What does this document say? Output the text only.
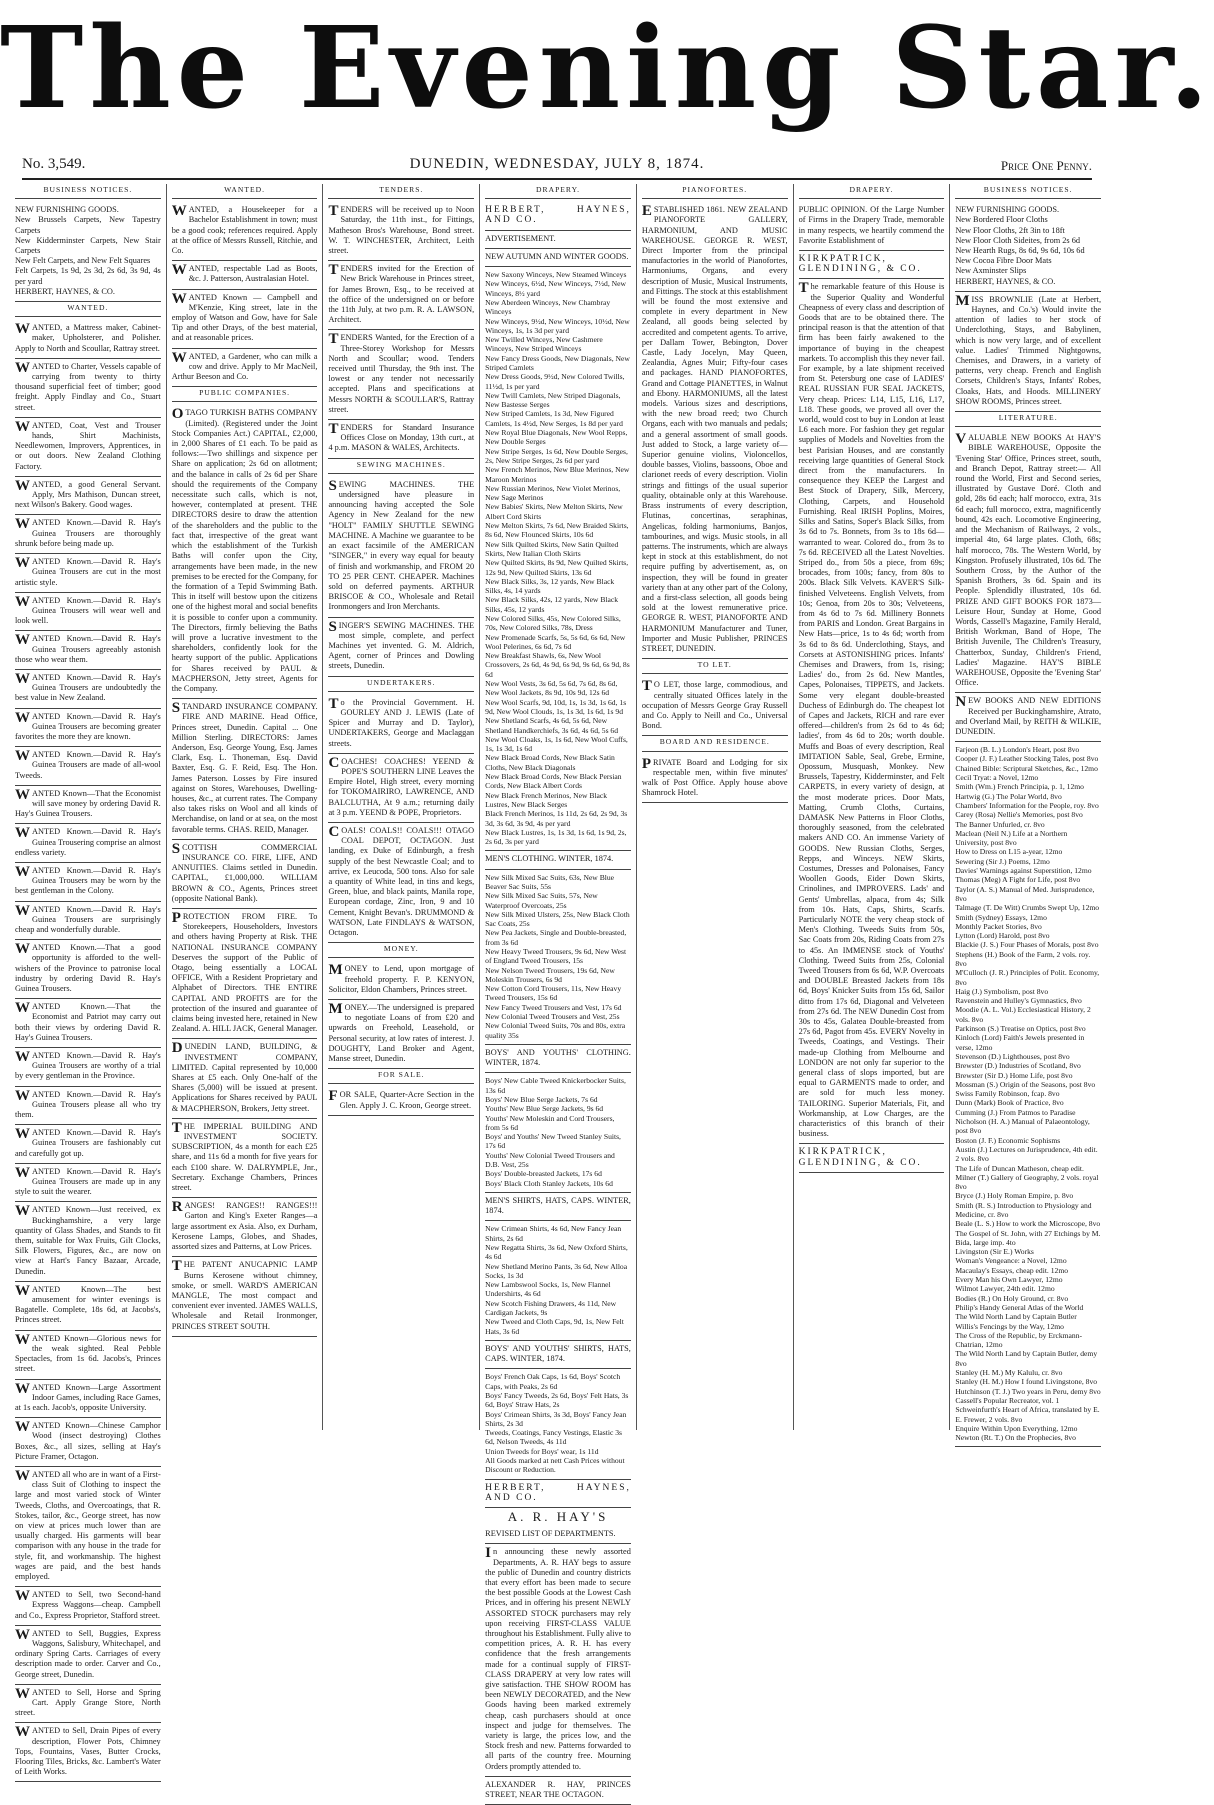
The Evening Star.
No. 3,549.	DUNEDIN, WEDNESDAY, JULY 8, 1874.	Price One Penny.
BUSINESS NOTICES.
NEW FURNISHING GOODS.
New Brussels Carpets, New Tapestry Carpets
New Kidderminster Carpets, New Stair Carpets
New Felt Carpets, and New Felt Squares
Felt Carpets, 1s 9d, 2s 3d, 2s 6d, 3s 9d, 4s per yard
HERBERT, HAYNES, & CO.
WANTED.
WANTED, a Mattress maker, Cabinet-maker, Upholsterer, and Polisher. Apply to North and Scoullar, Rattray street.
WANTED to Charter, Vessels capable of carrying from twenty to thirty thousand superficial feet of timber; good freight. Apply Findlay and Co., Stuart street.
WANTED, Coat, Vest and Trouser hands, Shirt Machinists, Needlewomen, Improvers, Apprentices, in or out doors. New Zealand Clothing Factory.
WANTED, a good General Servant. Apply, Mrs Mathison, Duncan street, next Wilson's Bakery. Good wages.
WANTED Known.—David R. Hay's Guinea Trousers are thoroughly shrunk before being made up.
WANTED Known.—David R. Hay's Guinea Trousers are cut in the most artistic style.
WANTED Known.—David R. Hay's Guinea Trousers will wear well and look well.
WANTED Known.—David R. Hay's Guinea Trousers agreeably astonish those who wear them.
WANTED Known.—David R. Hay's Guinea Trousers are undoubtedly the best value in New Zealand.
WANTED Known.—David R. Hay's Guinea Trousers are becoming greater favorites the more they are known.
WANTED Known.—David R. Hay's Guinea Trousers are made of all-wool Tweeds.
WANTED Known—That the Economist will save money by ordering David R. Hay's Guinea Trousers.
WANTED Known.—David R. Hay's Guinea Trousering comprise an almost endless variety.
WANTED Known.—David R. Hay's Guinea Trousers may be worn by the best gentleman in the Colony.
WANTED Known.—David R. Hay's Guinea Trousers are surprisingly cheap and wonderfully durable.
WANTED Known.—That a good opportunity is afforded to the well-wishers of the Province to patronise local industry by ordering David R. Hay's Guinea Trousers.
WANTED Known.—That the Economist and Patriot may carry out both their views by ordering David R. Hay's Guinea Trousers.
WANTED Known.—David R. Hay's Guinea Trousers are worthy of a trial by every gentleman in the Province.
WANTED Known.—David R. Hay's Guinea Trousers please all who try them.
WANTED Known.—David R. Hay's Guinea Trousers are fashionably cut and carefully got up.
WANTED Known.—David R. Hay's Guinea Trousers are made up in any style to suit the wearer.
WANTED Known—Just received, ex Buckinghamshire, a very large quantity of Glass Shades, and Stands to fit them, suitable for Wax Fruits, Gilt Clocks, Silk Flowers, Figures, &c., are now on view at Hart's Fancy Bazaar, Arcade, Dunedin.
WANTED Known—The best amusement for winter evenings is Bagatelle. Complete, 18s 6d, at Jacobs's, Princes street.
WANTED Known—Glorious news for the weak sighted. Real Pebble Spectacles, from 1s 6d. Jacobs's, Princes street.
WANTED Known—Large Assortment Indoor Games, including Race Games, at 1s each. Jacob's, opposite University.
WANTED Known—Chinese Camphor Wood (insect destroying) Clothes Boxes, &c., all sizes, selling at Hay's Picture Framer, Octagon.
WANTED all who are in want of a First-class Suit of Clothing to inspect the large and most varied stock of Winter Tweeds, Cloths, and Overcoatings, that R. Stokes, tailor, &c., George street, has now on view at prices much lower than are usually charged. His garments will bear comparison with any house in the trade for style, fit, and workmanship. The highest wages are paid, and the best hands employed.
WANTED to Sell, two Second-hand Express Waggons—cheap. Campbell and Co., Express Proprietor, Stafford street.
WANTED to Sell, Buggies, Express Waggons, Salisbury, Whitechapel, and ordinary Spring Carts. Carriages of every description made to order. Carver and Co., George street, Dunedin.
WANTED to Sell, Horse and Spring Cart. Apply Grange Store, North street.
WANTED to Sell, Drain Pipes of every description, Flower Pots, Chimney Tops, Fountains, Vases, Butter Crocks, Flooring Tiles, Bricks, &c. Lambert's Water of Leith Works.
WANTED.
WANTED, a Housekeeper for a Bachelor Establishment in town; must be a good cook; references required. Apply at the office of Messrs Russell, Ritchie, and Co.
WANTED, respectable Lad as Boots, &c. J. Patterson, Australasian Hotel.
WANTED Known — Campbell and M'Kenzie, King street, late in the employ of Watson and Gow, have for Sale Tip and other Drays, of the best material, and at reasonable prices.
WANTED, a Gardener, who can milk a cow and drive. Apply to Mr MacNeil, Arthur Beeson and Co.
PUBLIC COMPANIES.
OTAGO TURKISH BATHS COMPANY (Limited). (Registered under the Joint Stock Companies Act.) CAPITAL, £2,000, in 2,000 Shares of £1 each. To be paid as follows:—Two shillings and sixpence per Share on application; 2s 6d on allotment; and the balance in calls of 2s 6d per Share should the requirements of the Company necessitate such calls, which is not, however, contemplated at present. THE DIRECTORS desire to draw the attention of the shareholders and the public to the fact that, irrespective of the great want which the establishment of the Turkish Baths will confer upon the City, arrangements have been made, in the new premises to be erected for the Company, for the formation of a Tepid Swimming Bath. This in itself will bestow upon the citizens one of the highest moral and social benefits it is possible to confer upon a community. The Directors, firmly believing the Baths will prove a lucrative investment to the shareholders, confidently look for the hearty support of the public. Applications for Shares received by PAUL & MACPHERSON, Jetty street, Agents for the Company.
STANDARD INSURANCE COMPANY. FIRE AND MARINE. Head Office, Princes street, Dunedin. Capital ... One Million Sterling. DIRECTORS: James Anderson, Esq. George Young, Esq. James Clark, Esq. L. Thoneman, Esq. David Baxter, Esq. G. F. Reid, Esq. The Hon. James Paterson. Losses by Fire insured against on Stores, Warehouses, Dwelling-houses, &c., at current rates. The Company also takes risks on Wool and all kinds of Merchandise, on land or at sea, on the most favorable terms. CHAS. REID, Manager.
SCOTTISH COMMERCIAL INSURANCE CO. FIRE, LIFE, AND ANNUITIES. Claims settled in Dunedin. CAPITAL, £1,000,000. WILLIAM BROWN & CO., Agents, Princes street (opposite National Bank).
PROTECTION FROM FIRE. To Storekeepers, Householders, Investors and others having Property at Risk. THE NATIONAL INSURANCE COMPANY Deserves the support of the Public of Otago, being essentially a LOCAL OFFICE, With a Resident Proprietary and Alphabet of Directors. THE ENTIRE CAPITAL AND PROFITS are for the protection of the insured and guarantee of claims being invested here, retained in New Zealand. A. HILL JACK, General Manager.
DUNEDIN LAND, BUILDING, & INVESTMENT COMPANY, LIMITED. Capital represented by 10,000 Shares at £5 each. Only One-half of the Shares (5,000) will be issued at present. Applications for Shares received by PAUL & MACPHERSON, Brokers, Jetty street.
THE IMPERIAL BUILDING AND INVESTMENT SOCIETY. SUBSCRIPTION, 4s a month for each £25 share, and 11s 6d a month for five years for each £100 share. W. DALRYMPLE, Jnr., Secretary. Exchange Chambers, Princes street.
RANGES! RANGES!! RANGES!!! Garton and King's Exeter Ranges—a large assortment ex Asia. Also, ex Durham, Kerosene Lamps, Globes, and Shades, assorted sizes and Patterns, at Low Prices.
THE PATENT ANUCAPNIC LAMP Burns Kerosene without chimney, smoke, or smell. WARD'S AMERICAN MANGLE, The most compact and convenient ever invented. JAMES WALLS, Wholesale and Retail Ironmonger, PRINCES STREET SOUTH.
TENDERS.
TENDERS will be received up to Noon Saturday, the 11th inst., for Fittings, Matheson Bros's Warehouse, Bond street. W. T. WINCHESTER, Architect, Leith street.
TENDERS invited for the Erection of New Brick Warehouse in Princes street, for James Brown, Esq., to be received at the office of the undersigned on or before the 11th July, at two p.m. R. A. LAWSON, Architect.
TENDERS Wanted, for the Erection of a Three-Storey Workshop for Messrs North and Scoullar; wood. Tenders received until Thursday, the 9th inst. The lowest or any tender not necessarily accepted. Plans and specifications at Messrs NORTH & SCOULLAR'S, Rattray street.
TENDERS for Standard Insurance Offices Close on Monday, 13th curt., at 4 p.m. MASON & WALES, Architects.
SEWING MACHINES.
SEWING MACHINES. THE undersigned have pleasure in announcing having accepted the Sole Agency in New Zealand for the new "HOLT" FAMILY SHUTTLE SEWING MACHINE. A Machine we guarantee to be an exact facsimile of the AMERICAN "SINGER," in every way equal for beauty of finish and workmanship, and FROM 20 TO 25 PER CENT. CHEAPER. Machines sold on deferred payments. ARTHUR BRISCOE & CO., Wholesale and Retail Ironmongers and Iron Merchants.
SINGER'S SEWING MACHINES. THE most simple, complete, and perfect Machines yet invented. G. M. Aldrich, Agent, corner of Princes and Dowling streets, Dunedin.
UNDERTAKERS.
To the Provincial Government. H. GOURLEY AND J. LEWIS (Late of Spicer and Murray and D. Taylor), UNDERTAKERS, George and Maclaggan streets.
COACHES! COACHES! YEEND & POPE'S SOUTHERN LINE Leaves the Empire Hotel, High street, every morning for TOKOMAIRIRO, LAWRENCE, AND BALCLUTHA, At 9 a.m.; returning daily at 3 p.m. YEEND & POPE, Proprietors.
COALS! COALS!! COALS!!! OTAGO COAL DEPOT, OCTAGON. Just landing, ex Duke of Edinburgh, a fresh supply of the best Newcastle Coal; and to arrive, ex Leucoda, 500 tons. Also for sale a quantity of White lead, in tins and kegs, Green, blue, and black paints, Manila rope, European cordage, Zinc, Iron, 9 and 10 Cement, Knight Bevan's. DRUMMOND & WATSON, Late FINDLAYS & WATSON, Octagon.
MONEY.
MONEY to Lend, upon mortgage of freehold property. F. P. KENYON, Solicitor, Eldon Chambers, Princes street.
MONEY.—The undersigned is prepared to negotiate Loans of from £20 and upwards on Freehold, Leasehold, or Personal security, at low rates of interest. J. DOUGHTY, Land Broker and Agent, Manse street, Dunedin.
FOR SALE.
FOR SALE, Quarter-Acre Section in the Glen. Apply J. C. Kroon, George street.
DRAPERY.
HERBERT, HAYNES, AND CO.
ADVERTISEMENT.
NEW AUTUMN AND WINTER GOODS.
New Saxony Winceys, New Steamed Winceys
New Winceys, 6½d, New Winceys, 7½d, New Winceys, 8½ yard
New Aberdeen Winceys, New Chambray Winceys
New Winceys, 9½d, New Winceys, 10½d, New Winceys, 1s, 1s 3d per yard
New Twilled Winceys, New Cashmere Winceys, New Striped Winceys
New Fancy Dress Goods, New Diagonals, New Striped Camlets
New Dress Goods, 9½d, New Colored Twills, 11½d, 1s per yard
New Twill Camlets, New Striped Diagonals, New Bastesse Serges
New Striped Camlets, 1s 3d, New Figured Camlets, 1s 4½d, New Serges, 1s 8d per yard
New Royal Blue Diagonals, New Wool Repps, New Double Serges
New Stripe Serges, 1s 6d, New Double Serges, 2s, New Stripe Serges, 2s 6d per yard
New French Merinos, New Blue Merinos, New Maroon Merinos
New Russian Merinos, New Violet Merinos, New Sage Merinos
New Babies' Skirts, New Melton Skirts, New Albert Cord Skirts
New Melton Skirts, 7s 6d, New Braided Skirts, 8s 6d, New Flounced Skirts, 10s 6d
New Silk Quilted Skirts, New Satin Quilted Skirts, New Italian Cloth Skirts
New Quilted Skirts, 8s 9d, New Quilted Skirts, 12s 9d, New Quilted Skirts, 13s 6d
New Black Silks, 3s, 12 yards, New Black Silks, 4s, 14 yards
New Black Silks, 42s, 12 yards, New Black Silks, 45s, 12 yards
New Colored Silks, 45s, New Colored Silks, 70s, New Colored Silks, 78s, Dress
New Promenade Scarfs, 5s, 5s 6d, 6s 6d, New Wool Pelerines, 6s 6d, 7s 6d
New Breakfast Shawls, 6s, New Wool Crossovers, 2s 6d, 4s 9d, 6s 9d, 9s 6d, 6s 9d, 8s 6d
New Wool Vests, 3s 6d, 5s 6d, 7s 6d, 8s 6d, New Wool Jackets, 8s 9d, 10s 9d, 12s 6d
New Wool Scarfs, 9d, 10d, 1s, 1s 3d, 1s 6d, 1s 9d, New Wool Clouds, 1s, 1s 3d, 1s 6d, 1s 9d
New Shetland Scarfs, 4s 6d, 5s 6d, New Shetland Handkerchiefs, 3s 6d, 4s 6d, 5s 6d
New Wool Cloaks, 1s, 1s 6d, New Wool Cuffs, 1s, 1s 3d, 1s 6d
New Black Broad Cords, New Black Satin Cloths, New Black Diagonals
New Black Broad Cords, New Black Persian Cords, New Black Albert Cords
New Black French Merinos, New Black Lustres, New Black Serges
Black French Merinos, 1s 11d, 2s 6d, 2s 9d, 3s 3d, 3s 6d, 3s 9d, 4s per yard
New Black Lustres, 1s, 1s 3d, 1s 6d, 1s 9d, 2s, 2s 6d, 3s per yard
MEN'S CLOTHING. WINTER, 1874.
New Silk Mixed Sac Suits, 63s, New Blue Beaver Sac Suits, 55s
New Silk Mixed Sac Suits, 57s, New Waterproof Overcoats, 25s
New Silk Mixed Ulsters, 25s, New Black Cloth Sac Coats, 25s
New Pea Jackets, Single and Double-breasted, from 3s 6d
New Heavy Tweed Trousers, 9s 6d, New West of England Tweed Trousers, 15s
New Nelson Tweed Trousers, 19s 6d, New Moleskin Trousers, 6s 9d
New Cotton Cord Trousers, 11s, New Heavy Tweed Trousers, 15s 6d
New Fancy Tweed Trousers and Vest, 17s 6d
New Colonial Tweed Trousers and Vest, 25s
New Colonial Tweed Suits, 70s and 80s, extra quality 35s
BOYS' AND YOUTHS' CLOTHING. WINTER, 1874.
Boys' New Cable Tweed Knickerbocker Suits, 13s 6d
Boys' New Blue Serge Jackets, 7s 6d
Youths' New Blue Serge Jackets, 9s 6d
Youths' New Moleskin and Cord Trousers, from 5s 6d
Boys' and Youths' New Tweed Stanley Suits, 17s 6d
Youths' New Colonial Tweed Trousers and D.B. Vest, 25s
Boys' Double-breasted Jackets, 17s 6d
Boys' Black Cloth Stanley Jackets, 10s 6d
MEN'S SHIRTS, HATS, CAPS. WINTER, 1874.
New Crimean Shirts, 4s 6d, New Fancy Jean Shirts, 2s 6d
New Regatta Shirts, 3s 6d, New Oxford Shirts, 4s 6d
New Shetland Merino Pants, 3s 6d, New Alloa Socks, 1s 3d
New Lambswool Socks, 1s, New Flannel Undershirts, 4s 6d
New Scotch Fishing Drawers, 4s 11d, New Cardigan Jackets, 9s
New Tweed and Cloth Caps, 9d, 1s, New Felt Hats, 3s 6d
BOYS' AND YOUTHS' SHIRTS, HATS, CAPS. WINTER, 1874.
Boys' French Oak Caps, 1s 6d, Boys' Scotch Caps, with Peaks, 2s 6d
Boys' Fancy Tweeds, 2s 6d, Boys' Felt Hats, 3s 6d, Boys' Straw Hats, 2s
Boys' Crimean Shirts, 3s 3d, Boys' Fancy Jean Shirts, 2s 3d
Tweeds, Coatings, Fancy Vestings, Elastic 3s 6d, Nelson Tweeds, 4s 11d
Union Tweeds for Boys' wear, 1s 11d
All Goods marked at nett Cash Prices without Discount or Reduction.
HERBERT, HAYNES, AND CO.
A. R. HAY'S
REVISED LIST OF DEPARTMENTS.
In announcing these newly assorted Departments, A. R. HAY begs to assure the public of Dunedin and country districts that every effort has been made to secure the best possible Goods at the Lowest Cash Prices, and in offering his present NEWLY ASSORTED STOCK purchasers may rely upon receiving FIRST-CLASS VALUE throughout his Establishment. Fully alive to competition prices, A. R. H. has every confidence that the fresh arrangements made for a continual supply of FIRST-CLASS DRAPERY at very low rates will give satisfaction. THE SHOW ROOM has been NEWLY DECORATED, and the New Goods having been marked extremely cheap, cash purchasers should at once inspect and judge for themselves. The variety is large, the prices low, and the Stock fresh and new. Patterns forwarded to all parts of the country free. Mourning Orders promptly attended to.
ALEXANDER R. HAY, PRINCES STREET, NEAR THE OCTAGON.
PIANOFORTES.
ESTABLISHED 1861. NEW ZEALAND PIANOFORTE GALLERY, HARMONIUM, AND MUSIC WAREHOUSE. GEORGE R. WEST, Direct Importer from the principal manufactories in the world of Pianofortes, Harmoniums, Organs, and every description of Music, Musical Instruments, and Fittings. The stock at this establishment will be found the most extensive and complete in every department in New Zealand, all goods being selected by accredited and competent agents. To arrive, per Dallam Tower, Bebington, Dover Castle, Lady Jocelyn, May Queen, Zealandia, Agnes Muir; Fifty-four cases and packages. HAND PIANOFORTES, Grand and Cottage PIANETTES, in Walnut and Ebony. HARMONIUMS, all the latest models. Various sizes and descriptions, with the new broad reed; two Church Organs, each with two manuals and pedals; and a general assortment of small goods. Just added to Stock, a large variety of—Superior genuine violins, Violoncellos, double basses, Violins, bassoons, Oboe and clarionet reeds of every description. Violin strings and fittings of the usual superior quality, obtainable only at this Warehouse. Brass instruments of every description, Flutinas, concertinas, seraphinas, Angelicas, folding harmoniums, Banjos, tambourines, and wigs. Music stools, in all patterns. The instruments, which are always kept in stock at this establishment, do not require puffing by advertisement, as, on inspection, they will be found in greater variety than at any other part of the Colony, and a first-class selection, all goods being sold at the lowest remunerative price. GEORGE R. WEST, PIANOFORTE AND HARMONIUM Manufacturer and Tuner, Importer and Music Publisher, PRINCES STREET, DUNEDIN.
TO LET.
TO LET, those large, commodious, and centrally situated Offices lately in the occupation of Messrs George Gray Russell and Co. Apply to Neill and Co., Universal Bond.
BOARD AND RESIDENCE.
PRIVATE Board and Lodging for six respectable men, within five minutes' walk of Post Office. Apply house above Shamrock Hotel.
DRAPERY.
PUBLIC OPINION. Of the Large Number of Firms in the Drapery Trade, memorable in many respects, we heartily commend the Favorite Establishment of
KIRKPATRICK, GLENDINING, & CO.
The remarkable feature of this House is the Superior Quality and Wonderful Cheapness of every class and description of Goods that are to be obtained there. The principal reason is that the attention of that firm has been fairly awakened to the importance of buying in the cheapest markets. To accomplish this they never fail. For example, by a late shipment received from St. Petersburg one case of LADIES' REAL RUSSIAN FUR SEAL JACKETS, Very cheap. Prices: L14, L15, L16, L17, L18. These goods, we proved all over the world, would cost to buy in London at least L6 each more. For fashion they get regular supplies of Models and Novelties from the best Parisian Houses, and are constantly receiving large quantities of General Stock direct from the manufacturers. In consequence they KEEP the Largest and Best Stock of Drapery, Silk, Mercery, Clothing, Carpets, and Household Furnishing. Real IRISH Poplins, Moires, Silks and Satins, Soper's Black Silks, from 3s 6d to 7s. Bonnets, from 3s to 18s 6d—warranted to wear. Colored do., from 3s to 7s 6d. RECEIVED all the Latest Novelties. Striped do., from 50s a piece, from 69s; brocades, from 100s; fancy, from 80s to 200s. Black Silk Velvets. KAVER'S Silk-finished Velveteens. English Velvets, from 10s; Genoa, from 20s to 30s; Velveteens, from 4s 6d to 7s 6d. Millinery Bonnets from PARIS and London. Great Bargains in New Hats—price, 1s to 4s 6d; worth from 3s 6d to 8s 6d. Underclothing, Stays, and Corsets at ASTONISHING prices. Infants' Chemises and Drawers, from 1s, rising; Ladies' do., from 2s 6d. New Mantles, Capes, Polonaises, TIPPETS, and Jackets. Some very elegant double-breasted Duchess of Edinburgh do. The cheapest lot of Capes and Jackets, RICH and rare ever offered—children's from 2s 6d to 4s 6d; ladies', from 4s 6d to 20s; worth double. Muffs and Boas of every description, Real IMITATION Sable, Seal, Grebe, Ermine, Opossum, Musquash, Monkey. New Brussels, Tapestry, Kidderminster, and Felt CARPETS, in every variety of design, at the most moderate prices. Door Mats, Matting, Crumb Cloths, Curtains, DAMASK New Patterns in Floor Cloths, thoroughly seasoned, from the celebrated makers AND CO. An immense Variety of GOODS. New Russian Cloths, Serges, Repps, and Winceys. NEW Skirts, Costumes, Dresses and Polonaises, Fancy Woollen Goods, Eider Down Skirts, Crinolines, and IMPROVERS. Lads' and Gents' Umbrellas, alpaca, from 4s; Silk from 10s. Hats, Caps, Shirts, Scarfs. Particularly NOTE the very cheap stock of Men's Clothing. Tweeds Suits from 50s, Sac Coats from 20s, Riding Coats from 27s to 45s. An IMMENSE stock of Youths' Clothing. Tweed Suits from 25s, Colonial Tweed Trousers from 6s 6d, W.P. Overcoats and DOUBLE Breasted Jackets from 18s 6d, Boys' Knicker Suits from 15s 6d, Sailor ditto from 17s 6d, Diagonal and Velveteen from 27s 6d. The NEW Dunedin Cost from 30s to 45s, Galatea Double-breasted from 27s 6d, Pagot from 45s. EVERY Novelty in Tweeds, Coatings, and Vestings. Their made-up Clothing from Melbourne and LONDON are not only far superior to the general class of slops imported, but are equal to GARMENTS made to order, and are sold for much less money. TAILORING. Superior Materials, Fit, and Workmanship, at Low Charges, are the characteristics of this branch of their business.
KIRKPATRICK, GLENDINING, & CO.
BUSINESS NOTICES.
NEW FURNISHING GOODS.
New Bordered Floor Cloths
New Floor Cloths, 2ft 3in to 18ft
New Floor Cloth Sideites, from 2s 6d
New Hearth Rugs, 8s 6d, 9s 6d, 10s 6d
New Cocoa Fibre Door Mats
New Axminster Slips
HERBERT, HAYNES, & CO.
MISS BROWNLIE (Late at Herbert, Haynes, and Co.'s) Would invite the attention of ladies to her stock of Underclothing, Stays, and Babylinen, which is now very large, and of excellent value. Ladies' Trimmed Nightgowns, Chemises, and Drawers, in a variety of patterns, very cheap. French and English Corsets, Children's Stays, Infants' Robes, Cloaks, Hats, and Hoods. MILLINERY SHOW ROOMS, Princes street.
LITERATURE.
VALUABLE NEW BOOKS At HAY'S BIBLE WAREHOUSE, Opposite the 'Evening Star' Office, Princes street, south, and Branch Depot, Rattray street:— All round the World, First and Second series, illustrated by Gustave Doré. Cloth and gold, 28s 6d each; half morocco, extra, 31s 6d each; full morocco, extra, magnificently bound, 42s each. Locomotive Engineering, and the Mechanism of Railways, 2 vols., imperial 4to, 64 large plates. Cloth, 68s; half morocco, 78s. The Western World, by Kingston. Profusely illustrated, 10s 6d. The Southern Cross, by the Author of the Spanish Brothers, 3s 6d. Spain and its People. Splendidly illustrated, 10s 6d. PRIZE AND GIFT BOOKS FOR 1873— Leisure Hour, Sunday at Home, Good Words, Cassell's Magazine, Family Herald, British Workman, Band of Hope, The British Juvenile, The Children's Treasury, Chatterbox, Sunday, Children's Friend, Ladies' Magazine. HAY'S BIBLE WAREHOUSE, Opposite the 'Evening Star' Office.
NEW BOOKS AND NEW EDITIONS Received per Buckinghamshire, Atrato, and Overland Mail, by REITH & WILKIE, DUNEDIN.
Farjeon (B. L.) London's Heart, post 8vo
Cooper (J. F.) Leather Stocking Tales, post 8vo
Chained Bible: Scriptural Sketches, &c., 12mo
Cecil Tryat: a Novel, 12mo
Smith (Wm.) French Principia, p. 1, 12mo
Hartwig (G.) The Polar World, 8vo
Chambers' Information for the People, roy. 8vo
Carey (Rosa) Nellie's Memories, post 8vo
The Banner Unfurled, cr. 8vo
Maclean (Neil N.) Life at a Northern University, post 8vo
How to Dress on L15 a-year, 12mo
Sewering (Sir J.) Poems, 12mo
Davies' Warnings against Superstition, 12mo
Thomas (Meg) A Fight for Life, post 8vo
Taylor (A. S.) Manual of Med. Jurisprudence, 8vo
Talmage (T. De Witt) Crumbs Swept Up, 12mo
Smith (Sydney) Essays, 12mo
Monthly Packet Stories, 8vo
Lytton (Lord) Harold, post 8vo
Blackie (J. S.) Four Phases of Morals, post 8vo
Stephens (H.) Book of the Farm, 2 vols. roy. 8vo
M'Culloch (J. R.) Principles of Polit. Economy, 8vo
Haig (J.) Symbolism, post 8vo
Ravenstein and Hulley's Gymnastics, 8vo
Moodie (A. L. Vol.) Ecclesiastical History, 2 vols. 8vo
Parkinson (S.) Treatise on Optics, post 8vo
Kinloch (Lord) Faith's Jewels presented in verse, 12mo
Stevenson (D.) Lighthouses, post 8vo
Brewster (D.) Industries of Scotland, 8vo
Brewster (Sir D.) Home Life, post 8vo
Mossman (S.) Origin of the Seasons, post 8vo
Swiss Family Robinson, fcap. 8vo
Dunn (Mark) Book of Practice, 8vo
Cumming (J.) From Patmos to Paradise
Nicholson (H. A.) Manual of Palaeontology, post 8vo
Boston (J. F.) Economic Sophisms
Austin (J.) Lectures on Jurisprudence, 4th edit. 2 vols. 8vo
The Life of Duncan Matheson, cheap edit.
Milner (T.) Gallery of Geography, 2 vols. royal 8vo
Bryce (J.) Holy Roman Empire, p. 8vo
Smith (R. S.) Introduction to Physiology and Medicine, cr. 8vo
Beale (L. S.) How to work the Microscope, 8vo
The Gospel of St. John, with 27 Etchings by M. Bida, large imp. 4to
Livingston (Sir E.) Works
Woman's Vengeance: a Novel, 12mo
Macaulay's Essays, cheap edit. 12mo
Every Man his Own Lawyer, 12mo
Wilmot Lawyer, 24th edit. 12mo
Bodies (R.) On Holy Ground, cr. 8vo
Philip's Handy General Atlas of the World
The Wild North Land by Captain Butler
Willis's Fencings by the Way, 12mo
The Cross of the Republic, by Erckmann-Chatrian, 12mo
The Wild North Land by Captain Butler, demy 8vo
Stanley (H. M.) My Kalulu, cr. 8vo
Stanley (H. M.) How I found Livingstone, 8vo
Hutchinson (T. J.) Two years in Peru, demy 8vo
Cassell's Popular Recreator, vol. 1
Schweinfurth's Heart of Africa, translated by E. E. Frewer, 2 vols. 8vo
Enquire Within Upon Everything, 12mo
Newton (Rt. T.) On the Prophecies, 8vo
